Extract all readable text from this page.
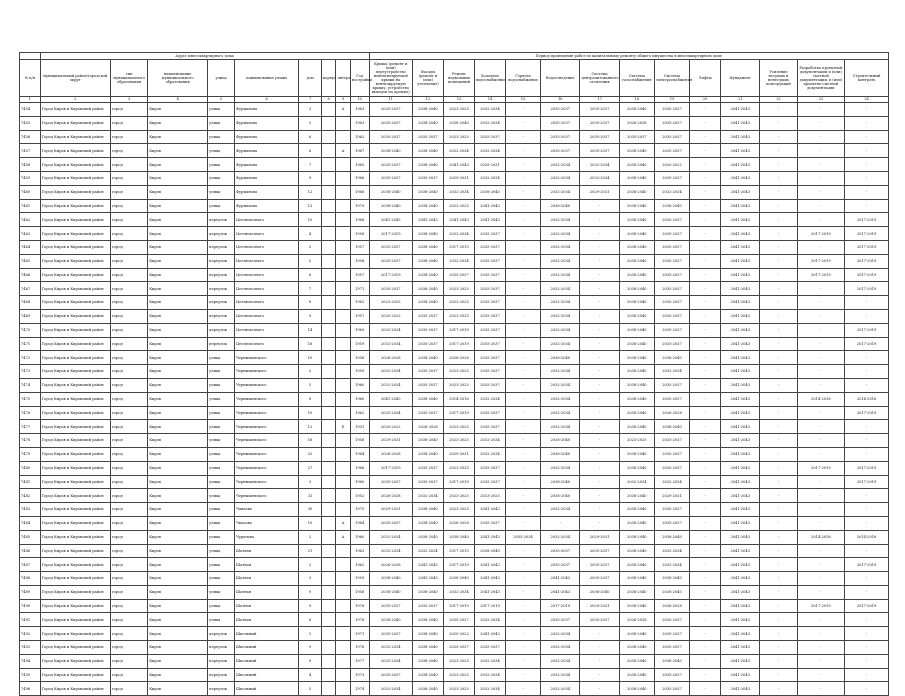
	Адрес многоквартирного дома									Период проведения работ по капитальному ремонту общего имущества в многоквартирном доме													
№ п/п	муниципальный район/городской округ	тип муниципального образования	наименование муниципального образования	улица	наименование улицы	дом	корпус	литера	Год постройки	Крыша (ремонт и (или) переустройство невентилируемой крыши на вентилируемую крышу, устройство выходов на кровлю)	Фасады (ремонт и (или) утепление)	Ремонт подвальных помещений	Холодное водоснабжение	Горячее водоснабжение	Водоотведение	Система централизованного отопления	Система газоснабжения	Система электроснабжения	Лифты	Фундамент	Усиление несущих и ненесущих конструкций	Разработка проектной документации и (или) сметной документации, в (или) проектно-сметной документации	Строительный контроль
1	2	3	4	5	6	7	8	9	10	11	12	13	14	15	16	17	18	19	20	21	22	23	24
7454	Город Киров и Кировский район	город	Киров	улица	Фурманова	3		А	1963	2035-2037	2038-2040	2023-2025	2032-2034	-	2035-2037	2035-2037	2038-2040	2035-2037	-	2041-2043	-	-	-
7455	Город Киров и Кировский район	город	Киров	улица	Фурманова	5			1963	2035-2037	2038-2040	2038-2040	2032-2034	-	2035-2037	2035-2037	2026-2028	2035-2037	-	2041-2043	-	-	-
7456	Город Киров и Кировский район	город	Киров	улица	Фурманова	6			1962	2035-2037	2035-2037	2023-2025	2035-2037	-	2035-2037	2035-2037	2035-2037	2035-2037	-	2041-2043	-	-	-
7457	Город Киров и Кировский район	город	Киров	улица	Фурманова	6		А	1967	2038-2040	2038-2040	2032-2034	2032-2034	-	2035-2037	2035-2037	2038-2040	2035-2037	-	2041-2043	-	-	-
7458	Город Киров и Кировский район	город	Киров	улица	Фурманова	7			1965	2035-2037	2038-2040	2041-2043	2029-2031	-	2032-2034	2032-2034	2038-2040	2020-2022	-	2041-2043	-	-	-
7459	Город Киров и Кировский район	город	Киров	улица	Фурманова	9			1966	2035-2037	2035-2037	2029-2031	2032-2034	-	2032-2034	2032-2034	2038-2040	2035-2037	-	2041-2043	-	-	-
7460	Город Киров и Кировский район	город	Киров	улица	Фурманова	12			1968	2038-2040	2038-2040	2032-2034	2038-2040	-	2032-2034	2029-2031	2038-2040	2032-2034	-	2041-2043	-	-	-
7461	Город Киров и Кировский район	город	Киров	улица	Фурманова	13			1979	2038-2040	2038-2040	2023-2025	2041-2043	-	2038-2040	-	2038-2040	2038-2040	-	2041-2043	-	-	-
7462	Город Киров и Кировский район	город	Киров	переулок	Целлюлозного	10			1968	2041-2043	2041-2043	2041-2043	2041-2043	-	2032-2034	-	2038-2040	2035-2037	-	2041-2043	-	-	2017-2019
7463	Город Киров и Кировский район	город	Киров	переулок	Целлюлозного	4			1958	2017-2019	2038-2040	2032-2034	2035-2037	-	2032-2034	-	2038-2040	2035-2037	-	2041-2043	-	2017-2019	2017-2019
7464	Город Киров и Кировский район	город	Киров	переулок	Целлюлозного	2			1957	2035-2037	2038-2040	2017-2019	2035-2037	-	2032-2034	-	2038-2040	2035-2037	-	2041-2043	-	-	2017-2019
7465	Город Киров и Кировский район	город	Киров	переулок	Целлюлозного	5			1958	2035-2037	2038-2040	2032-2034	2035-2037	-	2032-2034	-	2038-2040	2035-2037	-	2041-2043	-	2017-2019	2017-2019
7466	Город Киров и Кировский район	город	Киров	переулок	Целлюлозного	6			1957	2017-2019	2038-2040	2035-2037	2035-2037	-	2032-2034	-	2038-2040	2035-2037	-	2041-2043	-	2017-2019	2017-2019
7467	Город Киров и Кировский район	город	Киров	переулок	Целлюлозного	7			1971	2035-2037	2038-2040	2023-2025	2035-2037	-	2032-2034	-	2038-2040	2035-2037	-	2041-2043	-	-	2017-2019
7468	Город Киров и Кировский район	город	Киров	переулок	Целлюлозного	8			1962	2023-2025	2038-2040	2023-2025	2035-2037	-	2032-2034	-	2038-2040	2035-2037	-	2041-2043	-	-	-
7469	Город Киров и Кировский район	город	Киров	переулок	Целлюлозного	9			1957	2020-2022	2035-2037	2023-2025	2035-2037	-	2032-2034	-	2038-2040	2035-2037	-	2041-2043	-	-	-
7470	Город Киров и Кировский район	город	Киров	переулок	Целлюлозного	14			1969	2032-2034	2035-2037	2017-2019	2035-2037	-	2032-2034	-	2038-2040	2035-2037	-	2041-2043	-	-	2017-2019
7471	Город Киров и Кировский район	город	Киров	переулок	Целлюлозного	18			1959	2032-2034	2035-2037	2017-2019	2035-2037	-	2032-2034	-	2038-2040	2035-2037	-	2041-2043	-	-	2017-2019
7472	Город Киров и Кировский район	город	Киров	улица	Чернышевского	10			1958	2026-2028	2038-2040	2026-2028	2035-2037	-	2038-2040	-	2038-2040	2038-2040	-	2041-2043	-	-	-
7473	Город Киров и Кировский район	город	Киров	улица	Чернышевского	2			1959	2032-2034	2035-2037	2023-2025	2035-2037	-	2032-2034	-	2038-2040	2032-2034	-	2041-2043	-	-	-
7474	Город Киров и Кировский район	город	Киров	улица	Чернышевского	5			1960	2032-2034	2035-2037	2023-2025	2035-2037	-	2032-2034	-	2038-2040	2035-2037	-	2041-2043	-	-	-
7475	Город Киров и Кировский район	город	Киров	улица	Чернышевского	8			1960	2041-2043	2038-2040	2014-2016	2032-2034	-	2032-2034	-	2038-2040	2035-2037	-	2041-2043	-	2014-2016	2014-2016
7476	Город Киров и Кировский район	город	Киров	улица	Чернышевского	10			1962	2032-2034	2035-2037	2017-2019	2035-2037	-	2032-2034	-	2038-2040	2026-2028	-	2041-2043	-	-	2017-2019
7477	Город Киров и Кировский район	город	Киров	улица	Чернышевского	12		Б	1931	2020-2022	2026-2028	2023-2025	2035-2037	-	2032-2034	-	2038-2040	2038-2040	-	2041-2043	-	-	-
7478	Город Киров и Кировский район	город	Киров	улица	Чернышевского	16			1958	2029-2031	2038-2040	2023-2025	2032-2034	-	2038-2040	-	2023-2025	2035-2037	-	2041-2043	-	-	-
7479	Город Киров и Кировский район	город	Киров	улица	Чернышевского	22			1964	2026-2028	2038-2040	2029-2031	2032-2034	-	2038-2040	-	2038-2040	2035-2037	-	2041-2043	-	-	-
7480	Город Киров и Кировский район	город	Киров	улица	Чернышевского	27			1966	2017-2019	2035-2037	2023-2025	2035-2037	-	2032-2034	-	2038-2040	2035-2037	-	2041-2043	-	2017-2019	2017-2019
7481	Город Киров и Кировский район	город	Киров	улица	Чернышевского	3			1960	2035-2037	2035-2037	2017-2019	2035-2037	-	2038-2040	-	2032-2034	2032-2034	-	2041-2043	-	-	2017-2019
7482	Город Киров и Кировский район	город	Киров	улица	Чернышевского	31			1952	2026-2028	2032-2034	2023-2025	2023-2025	-	2038-2040	-	2038-2040	2029-2031	-	2041-2043	-	-	-
7483	Город Киров и Кировский район	город	Киров	улица	Чапаева	30			1975	2029-2031	2038-2040	2023-2025	2041-2043	-	2032-2034	-	2038-2040	2035-2037	-	2041-2043	-	-	-
7484	Город Киров и Кировский район	город	Киров	улица	Чкалова	10		А	1964	2035-2037	2038-2040	2026-2028	2035-2037	-	-	-	2038-2040	2035-2037	-	2041-2043	-	-	-
7485	Город Киров и Кировский район	город	Киров	улица	Чурилова	2		А	1960	2032-2034	2038-2040	2038-2040	2041-2043	2035-2034	2032-2034	2029-2031	2038-2040	2038-2040	-	2041-2043	-	2014-2016	2014-2016
7486	Город Киров и Кировский район	город	Киров	улица	Шатная	21			1963	2032-2034	2032-2034	2017-2019	2038-2040	-	2035-2037	2035-2037	2038-2040	2032-2034	-	2041-2043	-	-	-
7487	Город Киров и Кировский район	город	Киров	улица	Шатная	2			1962	2026-2028	2041-2043	2017-2019	2041-2043	-	2035-2037	2035-2037	2038-2040	2032-2034	-	2041-2043	-	-	2017-2019
7488	Город Киров и Кировский район	город	Киров	улица	Шатная	3			1959	2038-2040	2041-2043	2038-2040	2041-2043	-	2041-2043	2035-2037	2038-2040	2038-2040	-	2041-2043	-	-	-
7489	Город Киров и Кировский район	город	Киров	улица	Шатная	9			1958	2038-2040	2038-2040	2032-2034	2041-2043	-	2041-2043	2038-2040	2038-2040	2038-2040	-	2041-2043	-	-	-
7490	Город Киров и Кировский район	город	Киров	улица	Шатная	9			1976	2035-2037	2035-2037	2017-2019	2017-2019	-	2017-2019	2029-2031	2038-2040	2026-2028	-	2041-2043	-	2017-2019	2017-2019
7491	Город Киров и Кировский район	город	Киров	улица	Шатная	6			1978	2038-2040	2038-2040	2035-2037	2032-2034	-	2035-2037	2035-2037	2026-2028	2035-2037	-	2041-2043	-	-	-
7492	Город Киров и Кировский район	город	Киров	переулок	Школьный	1			1971	2035-2037	2038-2040	2020-2022	2041-2043	-	2032-2034	-	2038-2040	2035-2037	-	2041-2043	-	-	-
7493	Город Киров и Кировский район	город	Киров	переулок	Школьный	9			1976	2032-2034	2038-2040	2035-2037	2035-2037	-	2032-2034	-	2038-2040	2035-2037	-	2041-2043	-	-	-
7494	Город Киров и Кировский район	город	Киров	переулок	Школьный	9			1977	2032-2034	2038-2040	2023-2025	2032-2034	-	2032-2034	-	2038-2040	2038-2040	-	2041-2043	-	-	-
7495	Город Киров и Кировский район	город	Киров	переулок	Школьный	4			1973	2035-2037	2038-2040	2023-2025	2032-2034	-	2032-2034	-	2038-2040	2035-2037	-	2041-2043	-	-	-
7496	Город Киров и Кировский район	город	Киров	переулок	Школьный	5			1974	2032-2034	2038-2040	2023-2025	2032-2034	-	2032-2034	-	2038-2040	2035-2037	-	2041-2043	-	-	-
